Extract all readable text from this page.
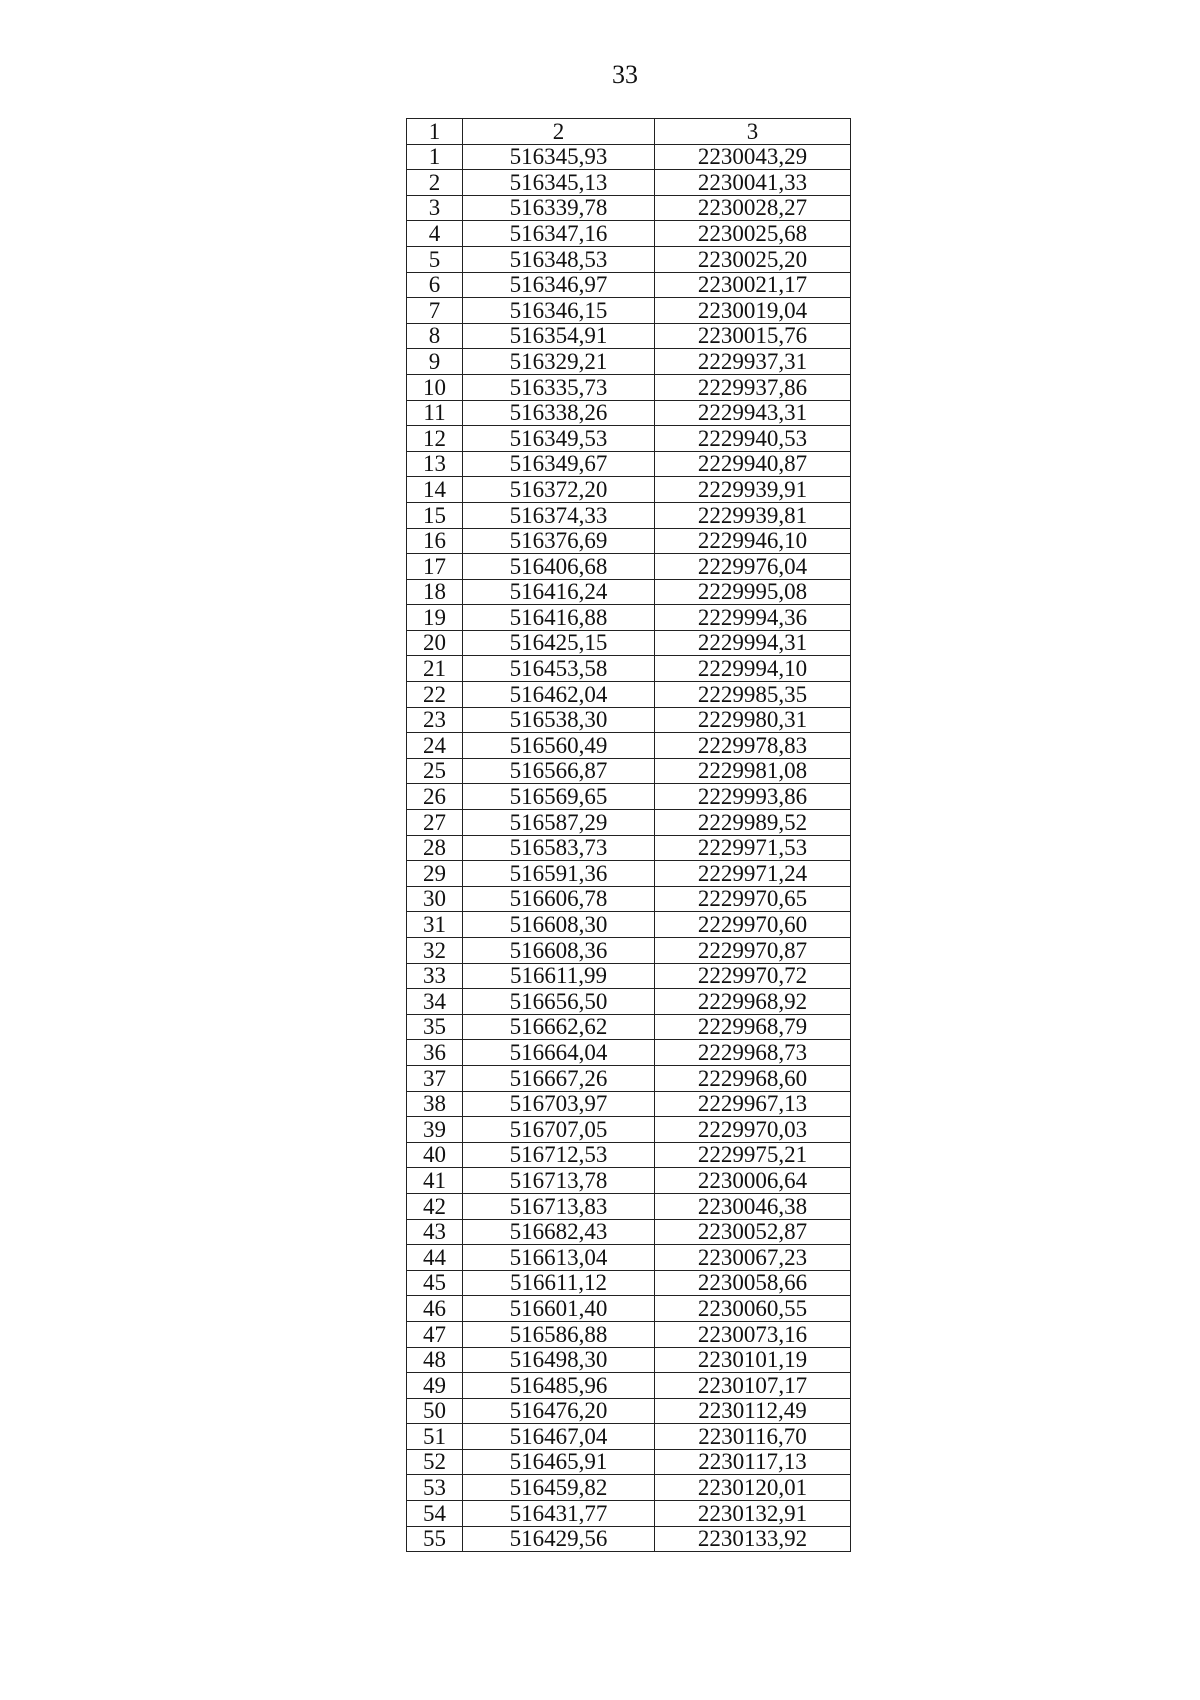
33
1	2	3
1	516345,93	2230043,29
2	516345,13	2230041,33
3	516339,78	2230028,27
4	516347,16	2230025,68
5	516348,53	2230025,20
6	516346,97	2230021,17
7	516346,15	2230019,04
8	516354,91	2230015,76
9	516329,21	2229937,31
10	516335,73	2229937,86
11	516338,26	2229943,31
12	516349,53	2229940,53
13	516349,67	2229940,87
14	516372,20	2229939,91
15	516374,33	2229939,81
16	516376,69	2229946,10
17	516406,68	2229976,04
18	516416,24	2229995,08
19	516416,88	2229994,36
20	516425,15	2229994,31
21	516453,58	2229994,10
22	516462,04	2229985,35
23	516538,30	2229980,31
24	516560,49	2229978,83
25	516566,87	2229981,08
26	516569,65	2229993,86
27	516587,29	2229989,52
28	516583,73	2229971,53
29	516591,36	2229971,24
30	516606,78	2229970,65
31	516608,30	2229970,60
32	516608,36	2229970,87
33	516611,99	2229970,72
34	516656,50	2229968,92
35	516662,62	2229968,79
36	516664,04	2229968,73
37	516667,26	2229968,60
38	516703,97	2229967,13
39	516707,05	2229970,03
40	516712,53	2229975,21
41	516713,78	2230006,64
42	516713,83	2230046,38
43	516682,43	2230052,87
44	516613,04	2230067,23
45	516611,12	2230058,66
46	516601,40	2230060,55
47	516586,88	2230073,16
48	516498,30	2230101,19
49	516485,96	2230107,17
50	516476,20	2230112,49
51	516467,04	2230116,70
52	516465,91	2230117,13
53	516459,82	2230120,01
54	516431,77	2230132,91
55	516429,56	2230133,92
